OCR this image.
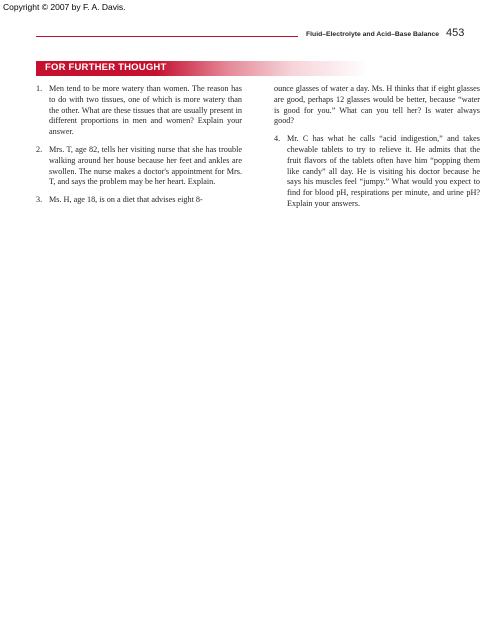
Copyright © 2007 by F. A. Davis.
Fluid–Electrolyte and Acid–Base Balance 453
FOR FURTHER THOUGHT
1. Men tend to be more watery than women. The reason has to do with two tissues, one of which is more watery than the other. What are these tissues that are usually present in different proportions in men and women? Explain your answer.
2. Mrs. T, age 82, tells her visiting nurse that she has trouble walking around her house because her feet and ankles are swollen. The nurse makes a doctor's appointment for Mrs. T, and says the problem may be her heart. Explain.
3. Ms. H, age 18, is on a diet that advises eight 8-
ounce glasses of water a day. Ms. H thinks that if eight glasses are good, perhaps 12 glasses would be better, because “water is good for you.” What can you tell her? Is water always good?
4. Mr. C has what he calls “acid indigestion,” and takes chewable tablets to try to relieve it. He admits that the fruit flavors of the tablets often have him “popping them like candy” all day. He is visiting his doctor because he says his muscles feel “jumpy.” What would you expect to find for blood pH, respirations per minute, and urine pH? Explain your answers.
